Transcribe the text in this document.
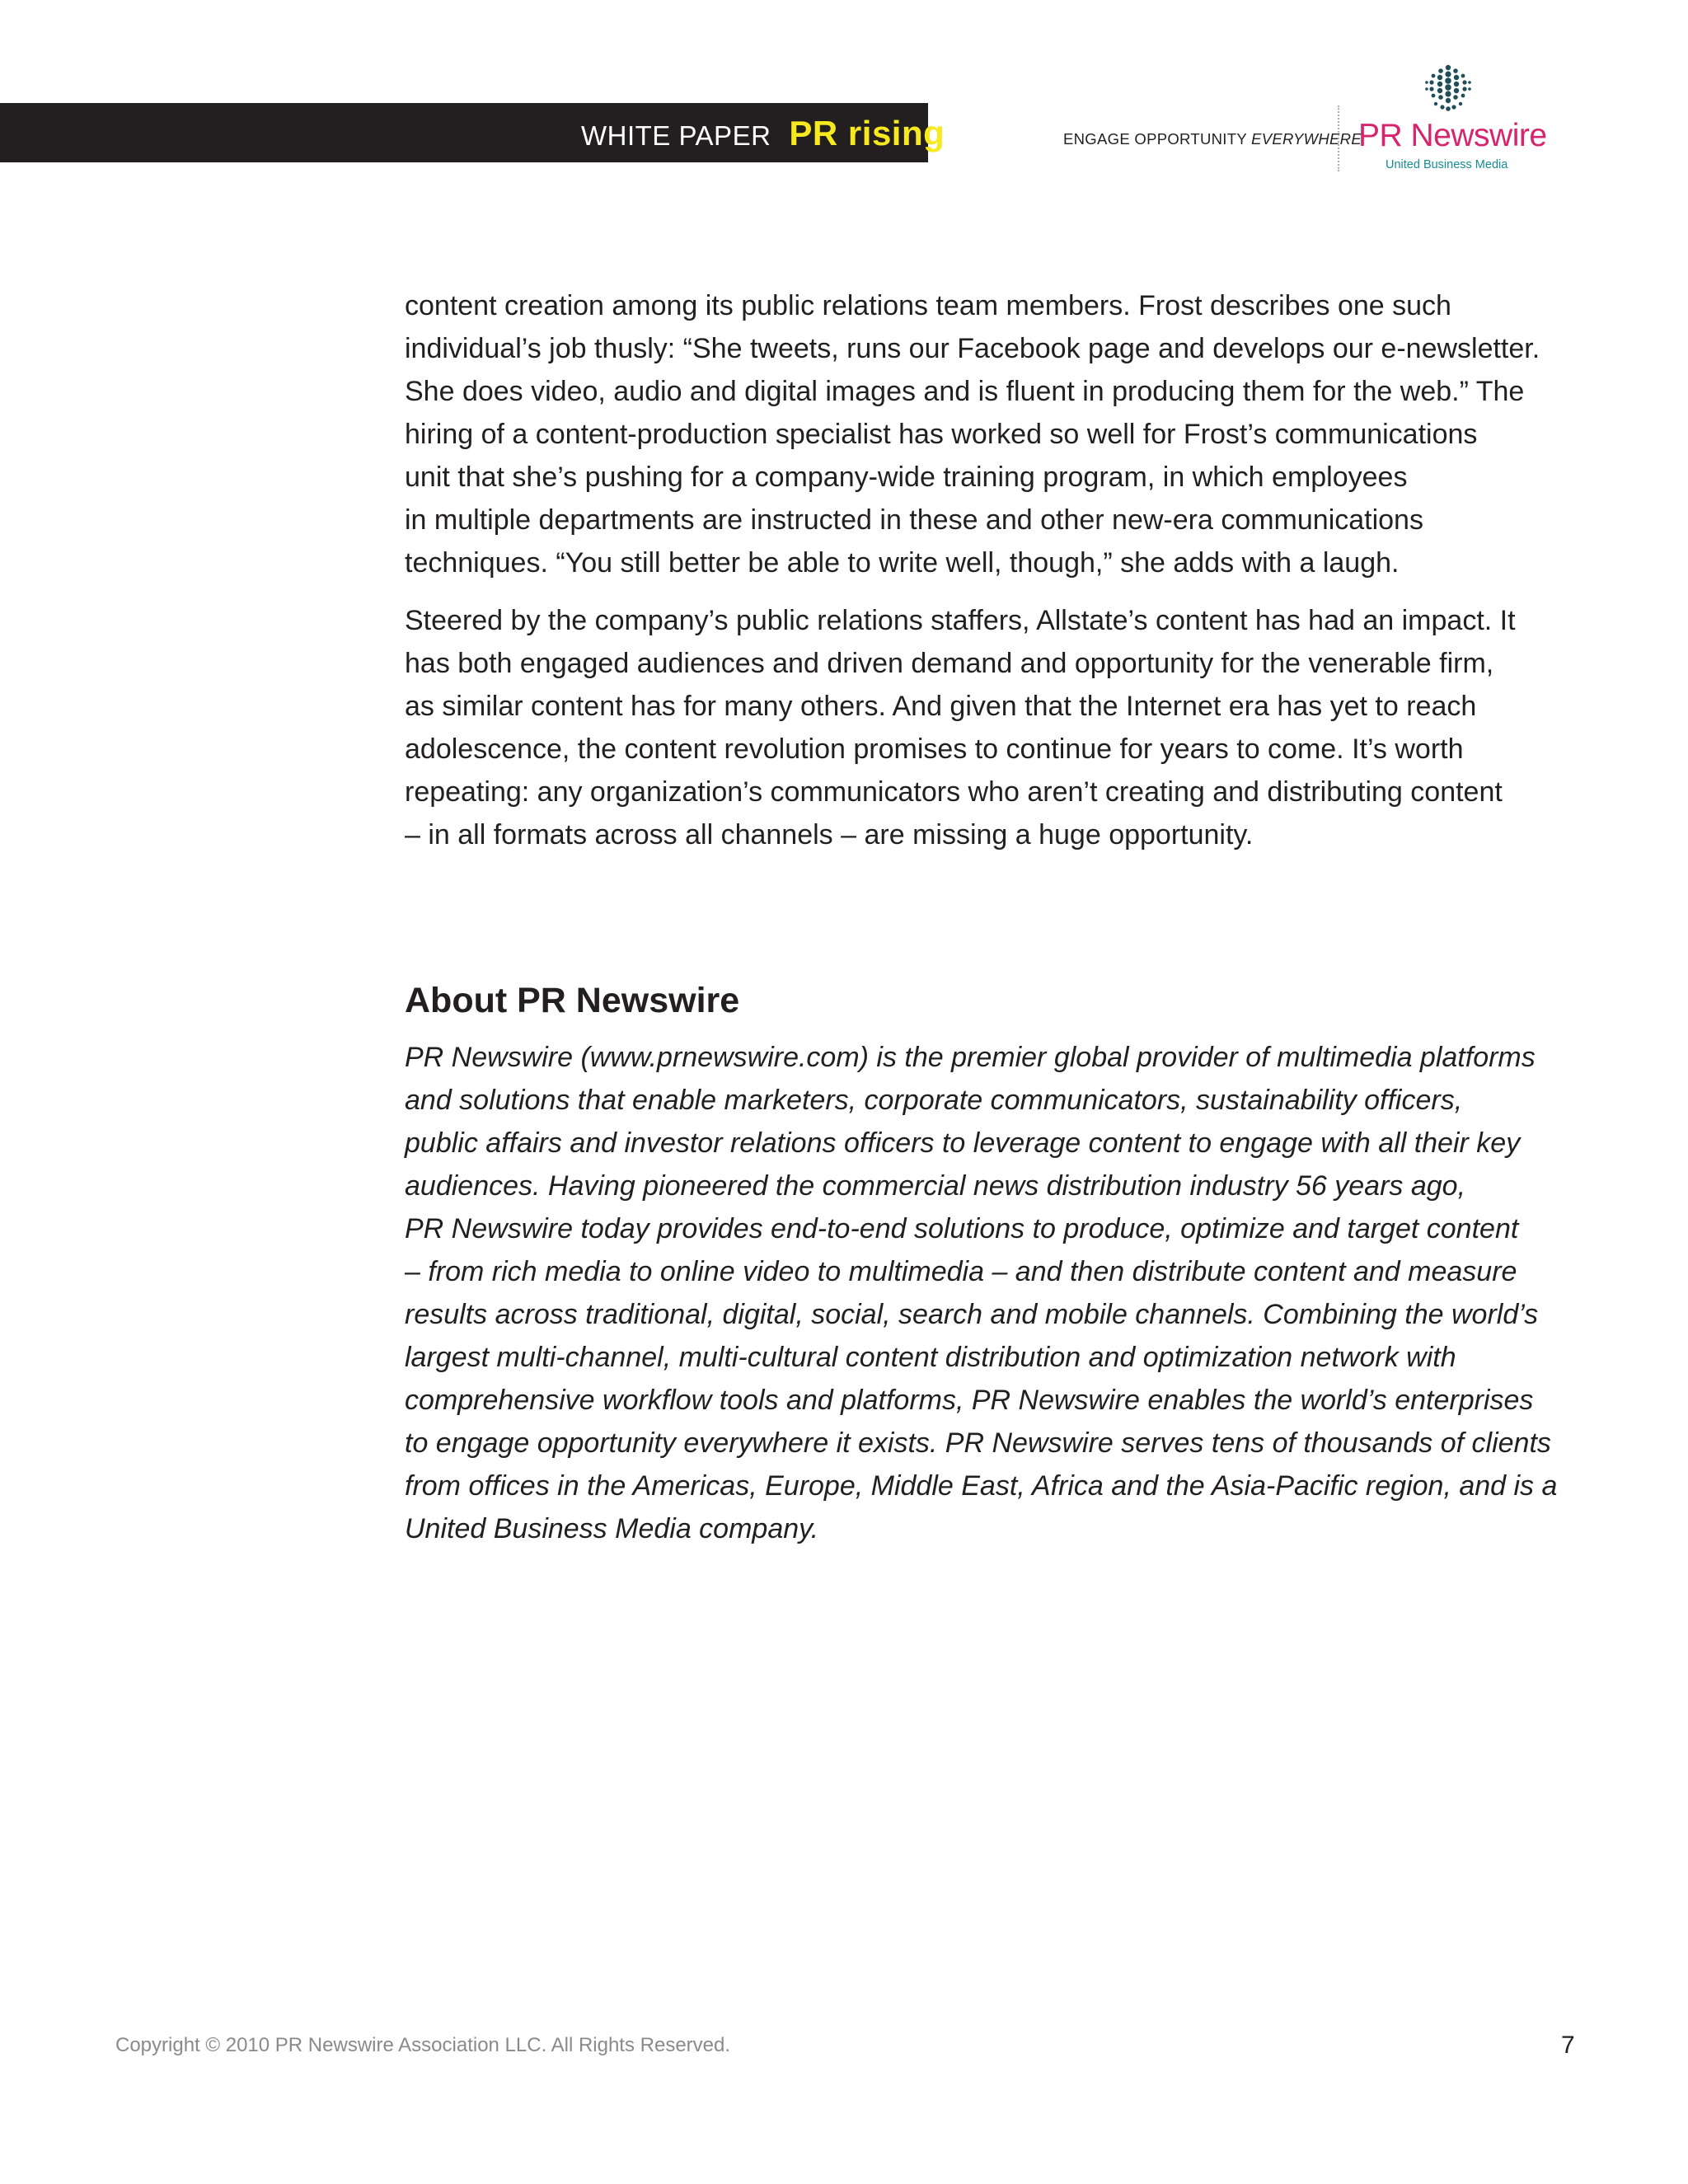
WHITE PAPER PR rising	ENGAGE OPPORTUNITY EVERYWHERE
PR Newswire
United Business Media

content creation among its public relations team members. Frost describes one such
individual’s job thusly: “She tweets, runs our Facebook page and develops our e-newsletter.
She does video, audio and digital images and is fluent in producing them for the web.” The
hiring of a content-production specialist has worked so well for Frost’s communications
unit that she’s pushing for a company-wide training program, in which employees
in multiple departments are instructed in these and other new-era communications
techniques. “You still better be able to write well, though,” she adds with a laugh.

Steered by the company’s public relations staffers, Allstate’s content has had an impact. It
has both engaged audiences and driven demand and opportunity for the venerable firm,
as similar content has for many others. And given that the Internet era has yet to reach
adolescence, the content revolution promises to continue for years to come. It’s worth
repeating: any organization’s communicators who aren’t creating and distributing content
– in all formats across all channels – are missing a huge opportunity.

About PR Newswire

PR Newswire (www.prnewswire.com) is the premier global provider of multimedia platforms
and solutions that enable marketers, corporate communicators, sustainability officers,
public affairs and investor relations officers to leverage content to engage with all their key
audiences. Having pioneered the commercial news distribution industry 56 years ago,
PR Newswire today provides end-to-end solutions to produce, optimize and target content
– from rich media to online video to multimedia – and then distribute content and measure
results across traditional, digital, social, search and mobile channels. Combining the world’s
largest multi-channel, multi-cultural content distribution and optimization network with
comprehensive workflow tools and platforms, PR Newswire enables the world’s enterprises
to engage opportunity everywhere it exists. PR Newswire serves tens of thousands of clients
from offices in the Americas, Europe, Middle East, Africa and the Asia-Pacific region, and is a
United Business Media company.

Copyright © 2010 PR Newswire Association LLC. All Rights Reserved.	7
